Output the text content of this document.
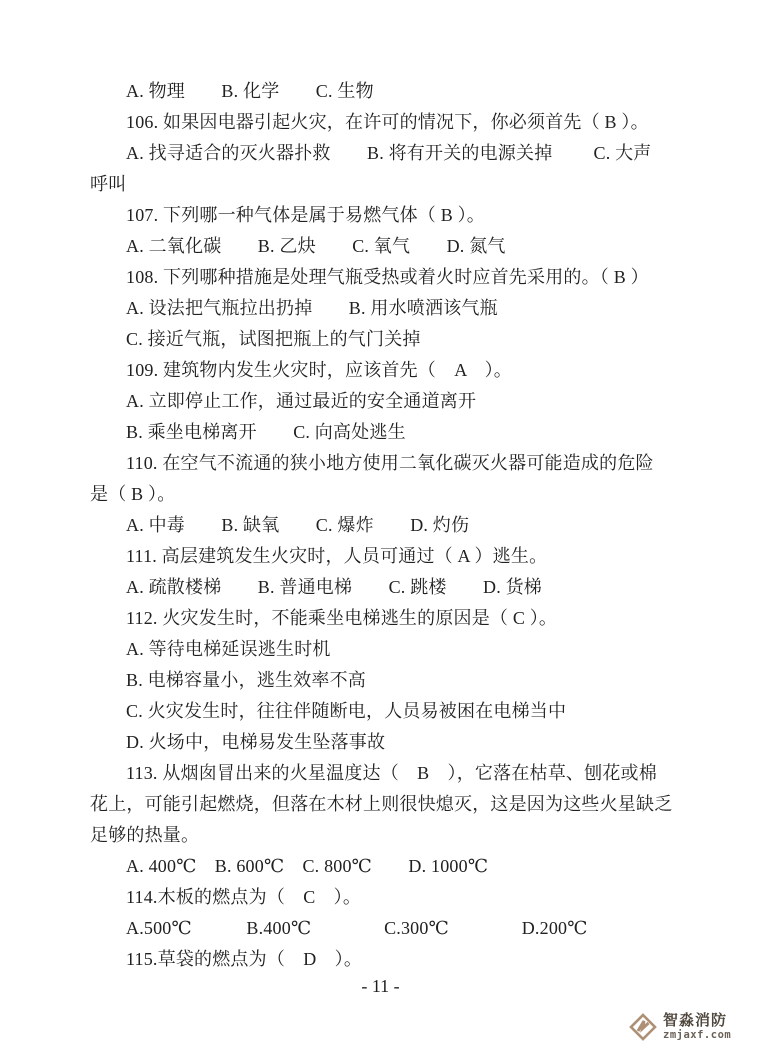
A. 物理　　B. 化学　　C. 生物
106. 如果因电器引起火灾，在许可的情况下，你必须首先（ B ）。
A. 找寻适合的灭火器扑救　　B. 将有开关的电源关掉　　 C. 大声
呼叫
107. 下列哪一种气体是属于易燃气体（ B ）。
A. 二氧化碳　　B. 乙炔　　C. 氧气　　D. 氮气
108. 下列哪种措施是处理气瓶受热或着火时应首先采用的。（ B ）
A. 设法把气瓶拉出扔掉　　B. 用水喷洒该气瓶
C. 接近气瓶，试图把瓶上的气门关掉
109. 建筑物内发生火灾时，应该首先（　A　）。
A. 立即停止工作，通过最近的安全通道离开
B. 乘坐电梯离开　　C. 向高处逃生
110. 在空气不流通的狭小地方使用二氧化碳灭火器可能造成的危险
是（ B ）。
A. 中毒　　B. 缺氧　　C. 爆炸　　D. 灼伤
111. 高层建筑发生火灾时，人员可通过（ A ）逃生。
A. 疏散楼梯　　B. 普通电梯　　C. 跳楼　　D. 货梯
112. 火灾发生时，不能乘坐电梯逃生的原因是（ C ）。
A. 等待电梯延误逃生时机
B. 电梯容量小，逃生效率不高
C. 火灾发生时，往往伴随断电，人员易被困在电梯当中
D. 火场中，电梯易发生坠落事故
113. 从烟囱冒出来的火星温度达（　B　），它落在枯草、刨花或棉
花上，可能引起燃烧，但落在木材上则很快熄灭，这是因为这些火星缺乏
足够的热量。
A. 400℃　B. 600℃　C. 800℃　　D. 1000℃
114.木板的燃点为（　C　）。
A.500℃　　　B.400℃　　　　C.300℃　　　　D.200℃
115.草袋的燃点为（　D　）。
- 11 -
智淼消防
zmjaxf.com
